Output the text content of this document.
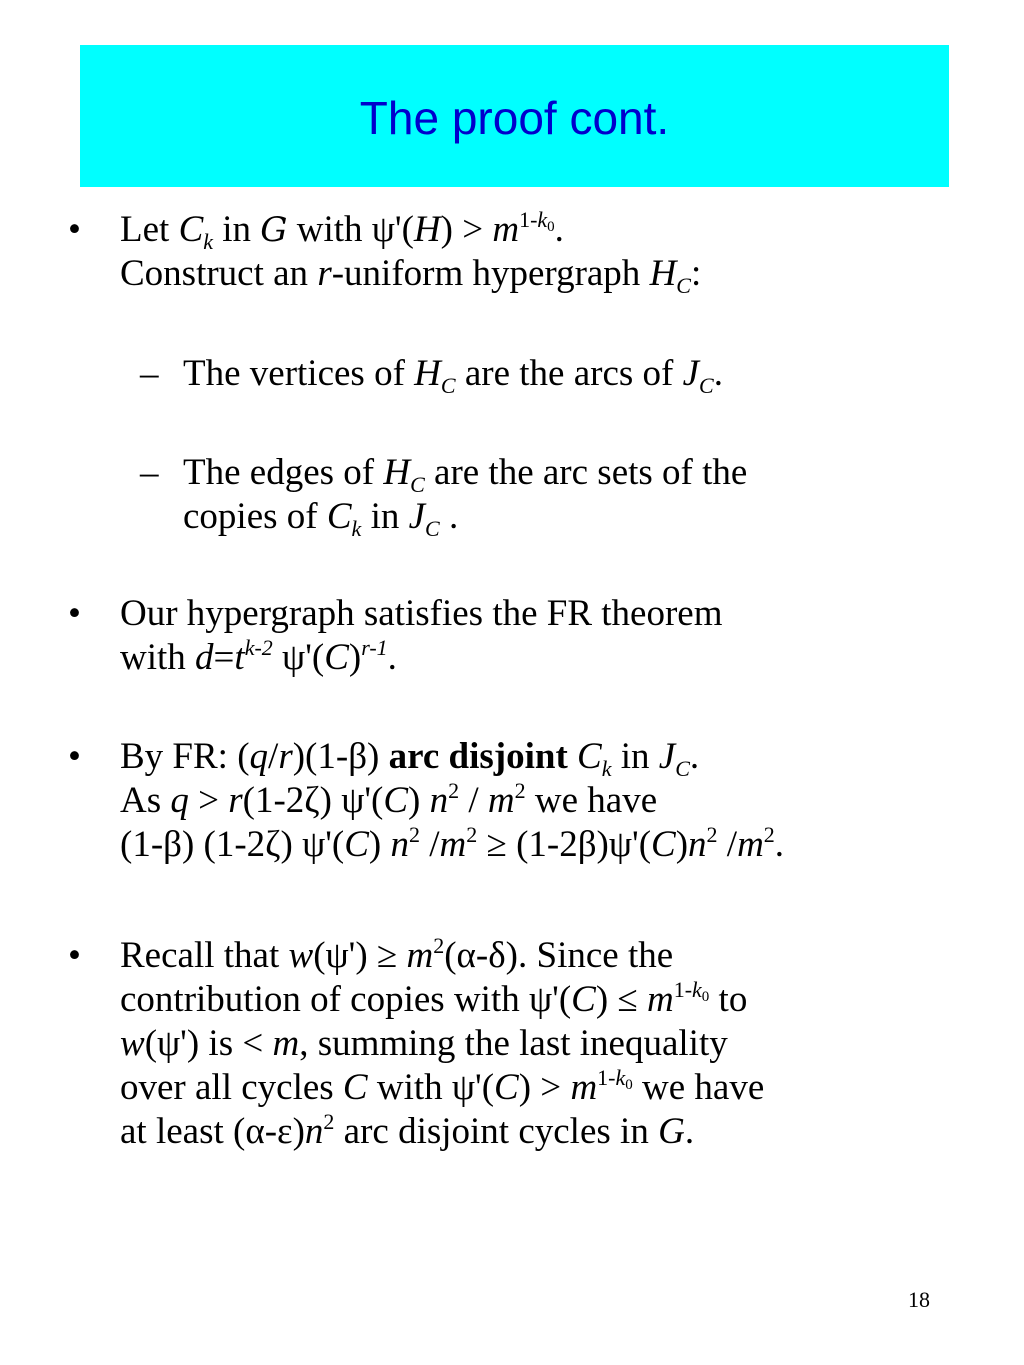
The proof cont.
• Let $C_k$ in G with $\psi'(H) > m^{1-k_0}$.
Construct an r-uniform hypergraph $H_C$:
– The vertices of $H_C$ are the arcs of $J_C$.
– The edges of $H_C$ are the arc sets of the
copies of $C_k$ in $J_C$ .
• Our hypergraph satisfies the FR theorem
with $d=t^{k-2}$ $\psi'(C)^{r-1}$.
• By FR: (q/r)(1-β) arc disjoint $C_k$ in $J_C$.
As q > r(1-2ζ) ψ'(C) $n^2 / m^2$ we have
(1-β) (1-2ζ) ψ'(C) $n^2$ $/m^2 \ge (1-2\beta)\psi'(C)n^2$ $/m^2$.
• Recall that $w(\psi') \ge m^2(\alpha-\delta)$. Since the
contribution of copies with $\psi'(C) \le m^{1-k_0}$ to
w(ψ') is < m, summing the last inequality
over all cycles C with $\psi'(C) > m^{1-k_0}$ we have
at least $(\alpha-\varepsilon)n^2$ arc disjoint cycles in G.
18
